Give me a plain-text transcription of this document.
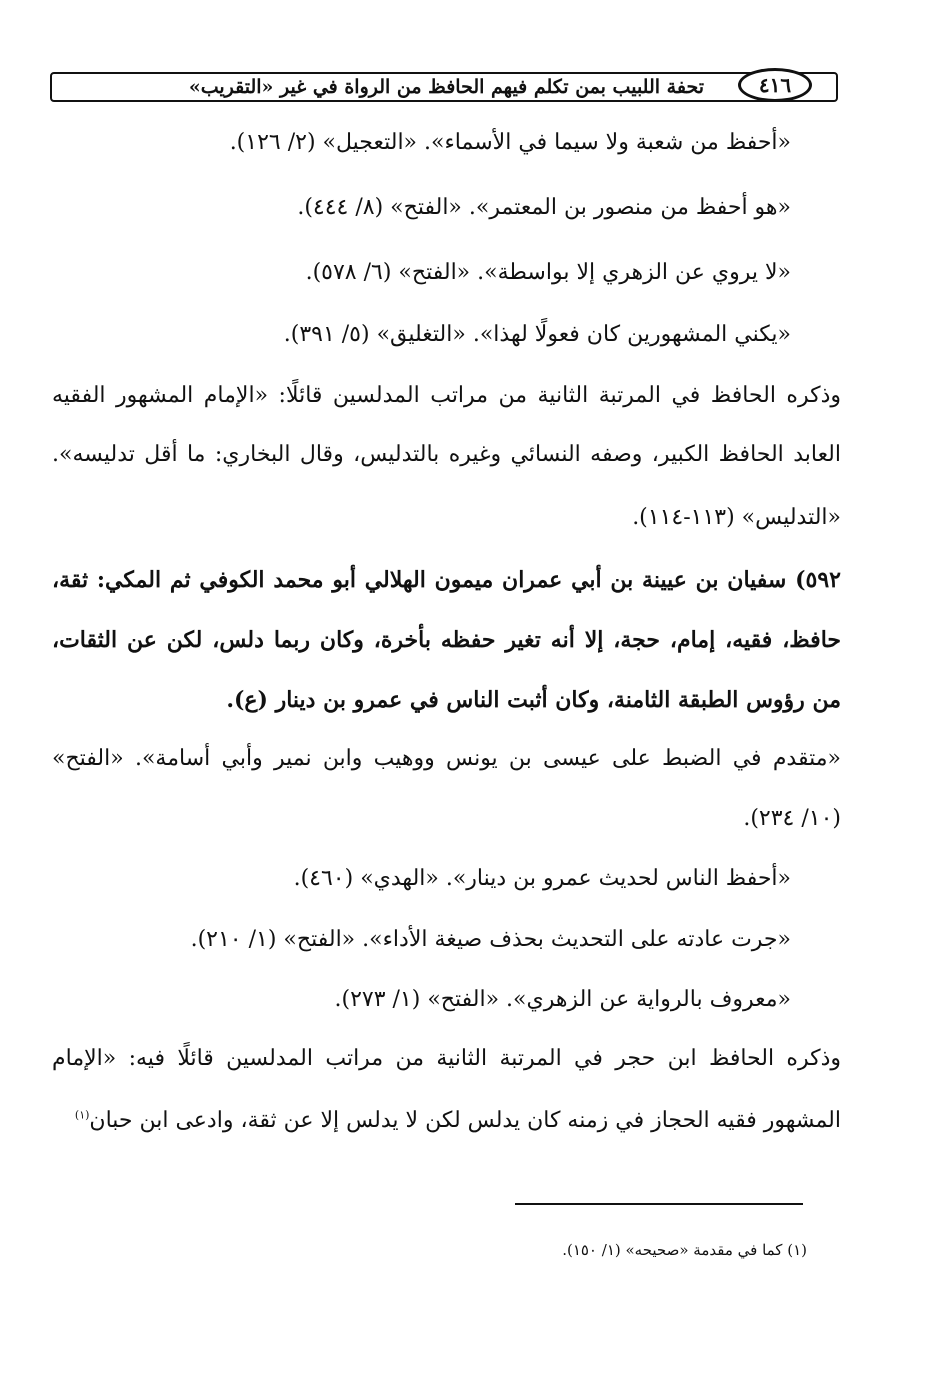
٤١٦
تحفة اللبيب بمن تكلم فيهم الحافظ من الرواة في غير «التقريب»
«أحفظ من شعبة ولا سيما في الأسماء». «التعجيل» (٢/ ١٢٦).
«هو أحفظ من منصور بن المعتمر». «الفتح» (٨/ ٤٤٤).
«لا يروي عن الزهري إلا بواسطة». «الفتح» (٦/ ٥٧٨).
«يكني المشهورين كان فعولًا لهذا». «التغليق» (٥/ ٣٩١).
وذكره الحافظ في المرتبة الثانية من مراتب المدلسين قائلًا: «الإمام المشهور الفقيه
العابد الحافظ الكبير، وصفه النسائي وغيره بالتدليس، وقال البخاري: ما أقل تدليسه».
«التدليس» (١١٣-١١٤).
٥٩٢) سفيان بن عيينة بن أبي عمران ميمون الهلالي أبو محمد الكوفي ثم المكي: ثقة،
حافظ، فقيه، إمام، حجة، إلا أنه تغير حفظه بأخرة، وكان ربما دلس، لكن عن الثقات،
من رؤوس الطبقة الثامنة، وكان أثبت الناس في عمرو بن دينار (ع).
«متقدم في الضبط على عيسى بن يونس ووهيب وابن نمير وأبي أسامة». «الفتح»
(١٠/ ٢٣٤).
«أحفظ الناس لحديث عمرو بن دينار». «الهدي» (٤٦٠).
«جرت عادته على التحديث بحذف صيغة الأداء». «الفتح» (١/ ٢١٠).
«معروف بالرواية عن الزهري». «الفتح» (١/ ٢٧٣).
وذكره الحافظ ابن حجر في المرتبة الثانية من مراتب المدلسين قائلًا فيه: «الإمام
المشهور فقيه الحجاز في زمنه كان يدلس لكن لا يدلس إلا عن ثقة، وادعى ابن حبان$^{(١)}$
(١) كما في مقدمة «صحيحه» (١/ ١٥٠).
